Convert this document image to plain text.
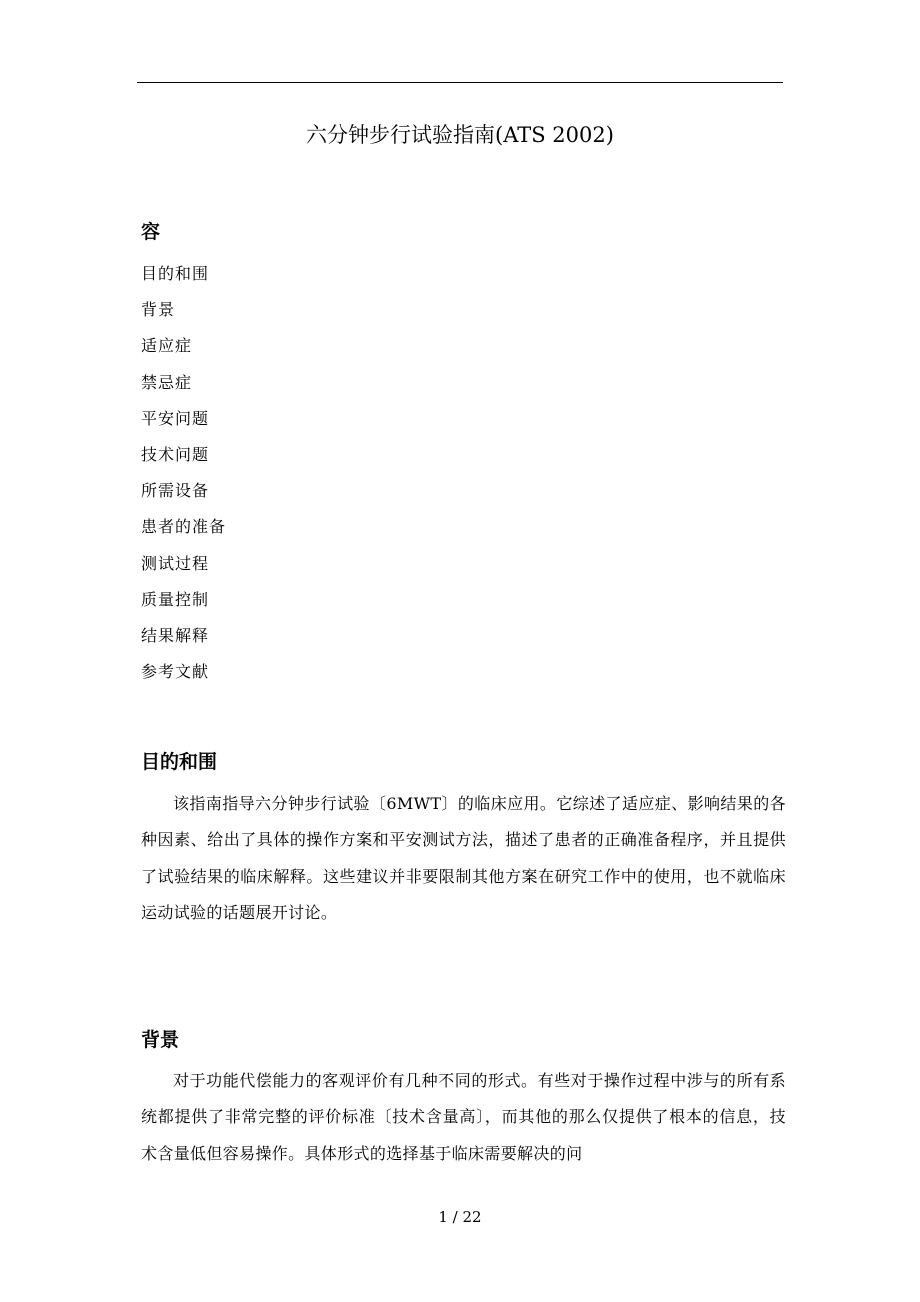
六分钟步行试验指南(ATS 2002)
容
目的和围
背景
适应症
禁忌症
平安问题
技术问题
所需设备
患者的准备
测试过程
质量控制
结果解释
参考文献
目的和围

该指南指导六分钟步行试验〔6MWT〕的临床应用。它综述了适应症、影响结果的各种因素、给出了具体的操作方案和平安测试方法，描述了患者的正确准备程序，并且提供了试验结果的临床解释。这些建议并非要限制其他方案在研究工作中的使用，也不就临床运动试验的话题展开讨论。

背景

对于功能代偿能力的客观评价有几种不同的形式。有些对于操作过程中涉与的所有系统都提供了非常完整的评价标准〔技术含量高〕，而其他的那么仅提供了根本的信息，技术含量低但容易操作。具体形式的选择基于临床需要解决的问

1 / 22
